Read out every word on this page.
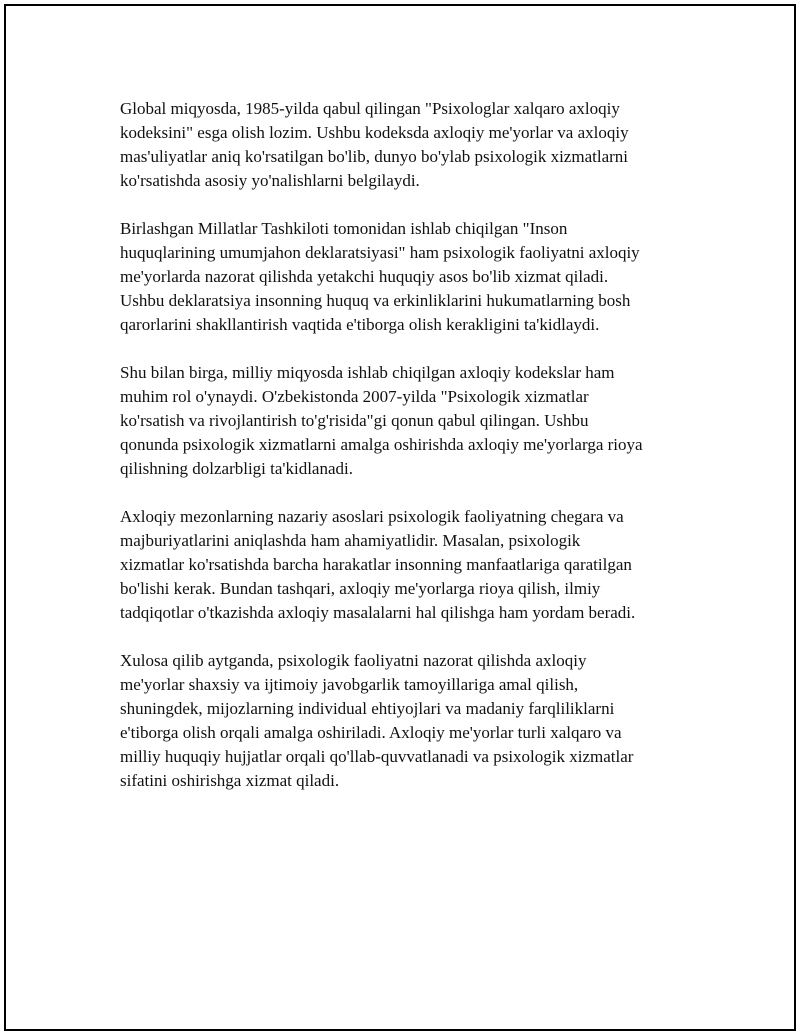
Global miqyosda, 1985-yilda qabul qilingan "Psixologlar xalqaro axloqiy
kodeksini" esga olish lozim. Ushbu kodeksda axloqiy me'yorlar va axloqiy
mas'uliyatlar aniq ko'rsatilgan bo'lib, dunyo bo'ylab psixologik xizmatlarni
ko'rsatishda asosiy yo'nalishlarni belgilaydi.

Birlashgan Millatlar Tashkiloti tomonidan ishlab chiqilgan "Inson
huquqlarining umumjahon deklaratsiyasi" ham psixologik faoliyatni axloqiy
me'yorlarda nazorat qilishda yetakchi huquqiy asos bo'lib xizmat qiladi.
Ushbu deklaratsiya insonning huquq va erkinliklarini hukumatlarning bosh
qarorlarini shakllantirish vaqtida e'tiborga olish kerakligini ta'kidlaydi.

Shu bilan birga, milliy miqyosda ishlab chiqilgan axloqiy kodekslar ham
muhim rol o'ynaydi. O'zbekistonda 2007-yilda "Psixologik xizmatlar
ko'rsatish va rivojlantirish to'g'risida"gi qonun qabul qilingan. Ushbu
qonunda psixologik xizmatlarni amalga oshirishda axloqiy me'yorlarga rioya
qilishning dolzarbligi ta'kidlanadi.

Axloqiy mezonlarning nazariy asoslari psixologik faoliyatning chegara va
majburiyatlarini aniqlashda ham ahamiyatlidir. Masalan, psixologik
xizmatlar ko'rsatishda barcha harakatlar insonning manfaatlariga qaratilgan
bo'lishi kerak. Bundan tashqari, axloqiy me'yorlarga rioya qilish, ilmiy
tadqiqotlar o'tkazishda axloqiy masalalarni hal qilishga ham yordam beradi.

Xulosa qilib aytganda, psixologik faoliyatni nazorat qilishda axloqiy
me'yorlar shaxsiy va ijtimoiy javobgarlik tamoyillariga amal qilish,
shuningdek, mijozlarning individual ehtiyojlari va madaniy farqliliklarni
e'tiborga olish orqali amalga oshiriladi. Axloqiy me'yorlar turli xalqaro va
milliy huquqiy hujjatlar orqali qo'llab-quvvatlanadi va psixologik xizmatlar
sifatini oshirishga xizmat qiladi.
